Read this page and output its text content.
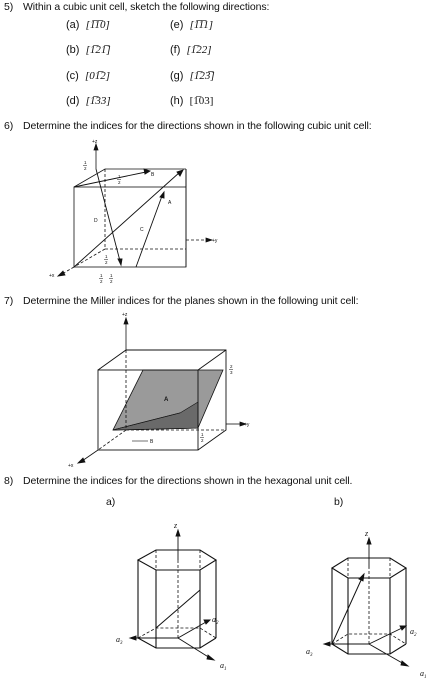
5) Within a cubic unit cell, sketch the following directions:
(a) [1̅1̅0]	(e) [1̅1̅1]
(b) [1̅21̅]	(f) [1̅22]
(c) [01̅2]	(g) [1̅23̅]
(d) [1̅33]	(h) [1̅03]
6) Determine the indices for the directions shown in the following cubic unit cell:
+z
+y
+x
A
B
C
D
1
2
1
2
1
2
1
2
1
2
7) Determine the Miller indices for the planes shown in the following unit cell:
+z
+y
+x
A
B
2
3
1
2
8) Determine the indices for the directions shown in the hexagonal unit cell.
a)	b)
z
$a_2$
$a_3$
$a_1$
z
$a_2$
$a_3$
$a_1$
